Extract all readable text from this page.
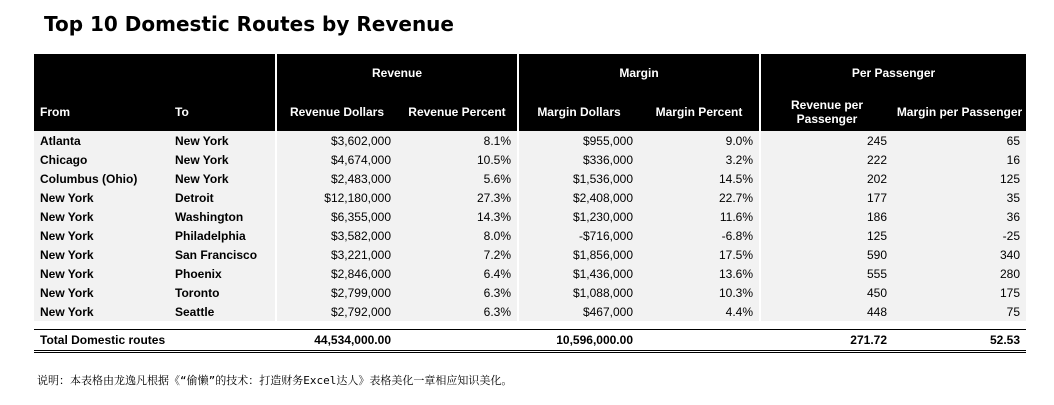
Top 10 Domestic Routes by Revenue
		Revenue		Margin		Per Passenger	
From	To	Revenue Dollars	Revenue Percent	Margin Dollars	Margin Percent	Revenue per Passenger	Margin per Passenger
Atlanta	New York	$3,602,000	8.1%	$955,000	9.0%	245	65
Chicago	New York	$4,674,000	10.5%	$336,000	3.2%	222	16
Columbus (Ohio)	New York	$2,483,000	5.6%	$1,536,000	14.5%	202	125
New York	Detroit	$12,180,000	27.3%	$2,408,000	22.7%	177	35
New York	Washington	$6,355,000	14.3%	$1,230,000	11.6%	186	36
New York	Philadelphia	$3,582,000	8.0%	-$716,000	-6.8%	125	-25
New York	San Francisco	$3,221,000	7.2%	$1,856,000	17.5%	590	340
New York	Phoenix	$2,846,000	6.4%	$1,436,000	13.6%	555	280
New York	Toronto	$2,799,000	6.3%	$1,088,000	10.3%	450	175
New York	Seattle	$2,792,000	6.3%	$467,000	4.4%	448	75

Total Domestic routes		44,534,000.00		10,596,000.00		271.72	52.53
说明：本表格由龙逸凡根据《“偷懒”的技术：打造财务Excel达人》表格美化一章相应知识美化。
